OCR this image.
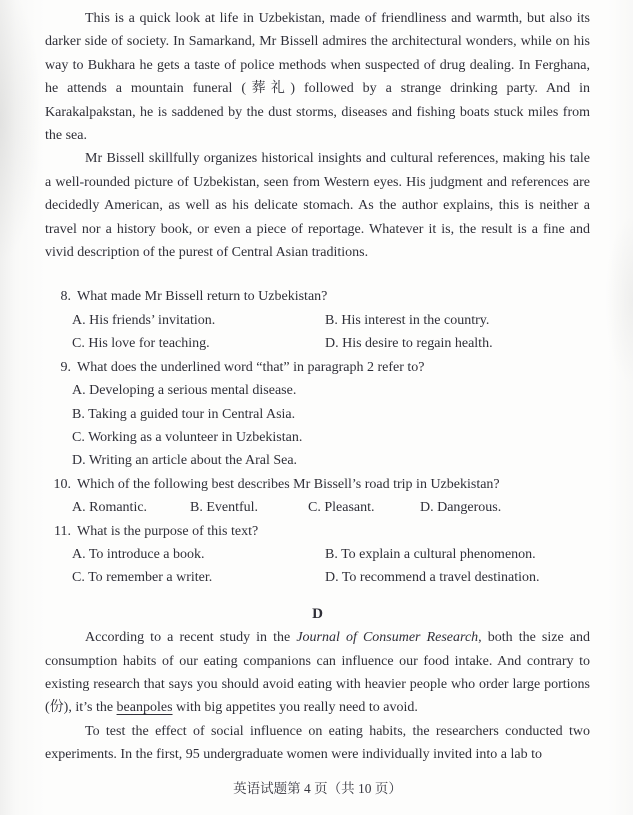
This is a quick look at life in Uzbekistan, made of friendliness and warmth, but also its darker side of society. In Samarkand, Mr Bissell admires the architectural wonders, while on his way to Bukhara he gets a taste of police methods when suspected of drug dealing. In Ferghana, he attends a mountain funeral (葬礼) followed by a strange drinking party. And in Karakalpakstan, he is saddened by the dust storms, diseases and fishing boats stuck miles from the sea.

Mr Bissell skillfully organizes historical insights and cultural references, making his tale a well-rounded picture of Uzbekistan, seen from Western eyes. His judgment and references are decidedly American, as well as his delicate stomach. As the author explains, this is neither a travel nor a history book, or even a piece of reportage. Whatever it is, the result is a fine and vivid description of the purest of Central Asian traditions.

8. What made Mr Bissell return to Uzbekistan?
A. His friends’ invitation.	B. His interest in the country.
C. His love for teaching.	D. His desire to regain health.
9. What does the underlined word “that” in paragraph 2 refer to?
A. Developing a serious mental disease.
B. Taking a guided tour in Central Asia.
C. Working as a volunteer in Uzbekistan.
D. Writing an article about the Aral Sea.
10. Which of the following best describes Mr Bissell’s road trip in Uzbekistan?
A. Romantic.	B. Eventful.	C. Pleasant.	D. Dangerous.
11. What is the purpose of this text?
A. To introduce a book.	B. To explain a cultural phenomenon.
C. To remember a writer.	D. To recommend a travel destination.
D

According to a recent study in the Journal of Consumer Research, both the size and consumption habits of our eating companions can influence our food intake. And contrary to existing research that says you should avoid eating with heavier people who order large portions (份), it’s the beanpoles with big appetites you really need to avoid.

To test the effect of social influence on eating habits, the researchers conducted two experiments. In the first, 95 undergraduate women were individually invited into a lab to

英语试题第 4 页（共 10 页）
